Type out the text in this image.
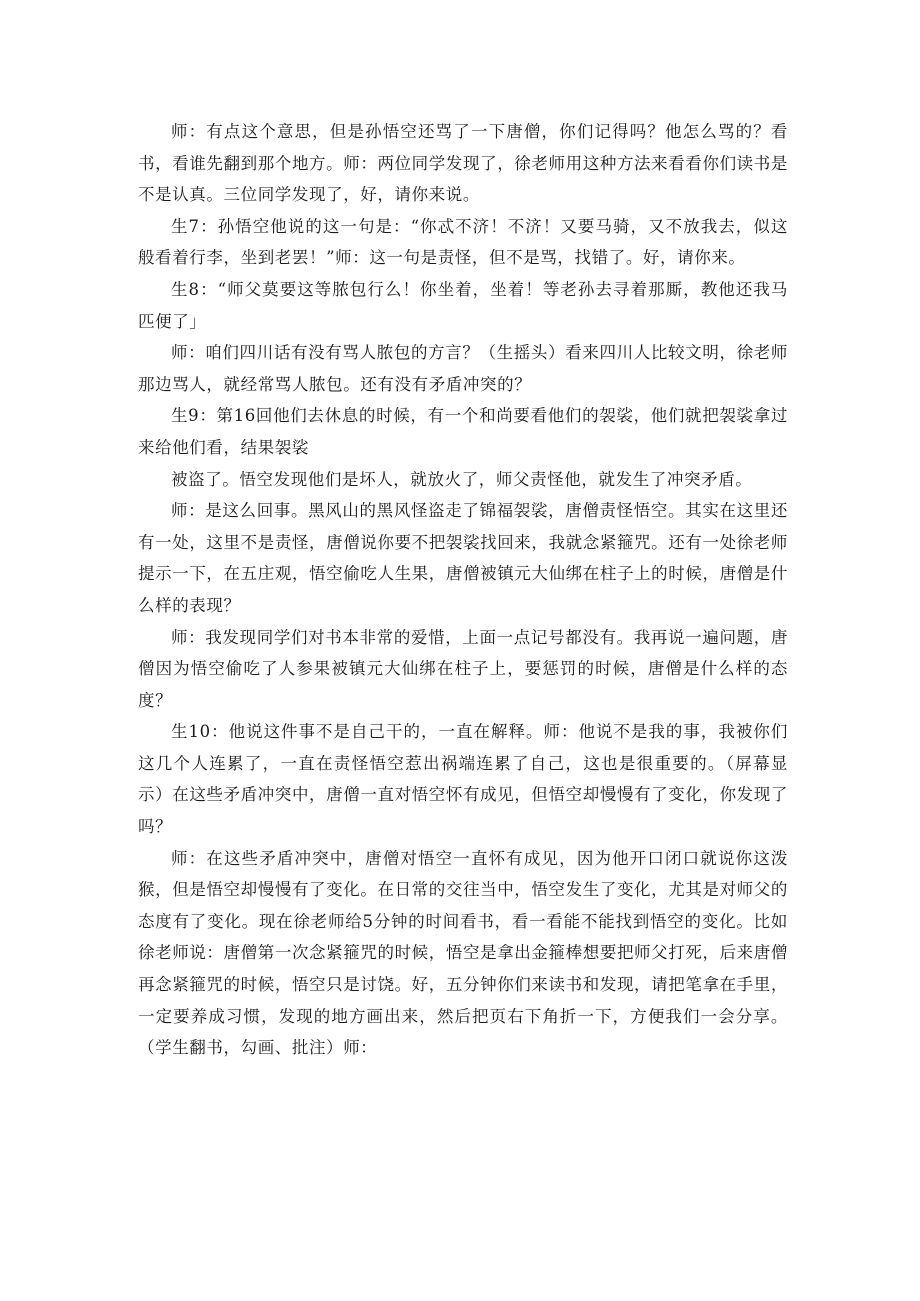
师：有点这个意思，但是孙悟空还骂了一下唐僧，你们记得吗？他怎么骂的？看书，看谁先翻到那个地方。师：两位同学发现了，徐老师用这种方法来看看你们读书是不是认真。三位同学发现了，好，请你来说。

生7：孙悟空他说的这一句是：“你忒不济！不济！又要马骑，又不放我去，似这般看着行李，坐到老罢！”师：这一句是责怪，但不是骂，找错了。好，请你来。

生8：“师父莫要这等脓包行么！你坐着，坐着！等老孙去寻着那厮，教他还我马匹便了」

师：咱们四川话有没有骂人脓包的方言？（生摇头）看来四川人比较文明，徐老师那边骂人，就经常骂人脓包。还有没有矛盾冲突的？

生9：第16回他们去休息的时候，有一个和尚要看他们的袈裟，他们就把袈裟拿过来给他们看，结果袈裟

被盗了。悟空发现他们是坏人，就放火了，师父责怪他，就发生了冲突矛盾。

师：是这么回事。黑风山的黑风怪盗走了锦福袈裟，唐僧责怪悟空。其实在这里还有一处，这里不是责怪，唐僧说你要不把袈裟找回来，我就念紧箍咒。还有一处徐老师提示一下，在五庄观，悟空偷吃人生果，唐僧被镇元大仙绑在柱子上的时候，唐僧是什么样的表现？

师：我发现同学们对书本非常的爱惜，上面一点记号都没有。我再说一遍问题，唐僧因为悟空偷吃了人参果被镇元大仙绑在柱子上，要惩罚的时候，唐僧是什么样的态度？

生10：他说这件事不是自己干的，一直在解释。师：他说不是我的事，我被你们这几个人连累了，一直在责怪悟空惹出祸端连累了自己，这也是很重要的。（屏幕显示）在这些矛盾冲突中，唐僧一直对悟空怀有成见，但悟空却慢慢有了变化，你发现了吗？

师：在这些矛盾冲突中，唐僧对悟空一直怀有成见，因为他开口闭口就说你这泼猴，但是悟空却慢慢有了变化。在日常的交往当中，悟空发生了变化，尤其是对师父的态度有了变化。现在徐老师给5分钟的时间看书，看一看能不能找到悟空的变化。比如徐老师说：唐僧第一次念紧箍咒的时候，悟空是拿出金箍棒想要把师父打死，后来唐僧再念紧箍咒的时候，悟空只是讨饶。好，五分钟你们来读书和发现，请把笔拿在手里，一定要养成习惯，发现的地方画出来，然后把页右下角折一下，方便我们一会分享。（学生翻书，勾画、批注）师：
